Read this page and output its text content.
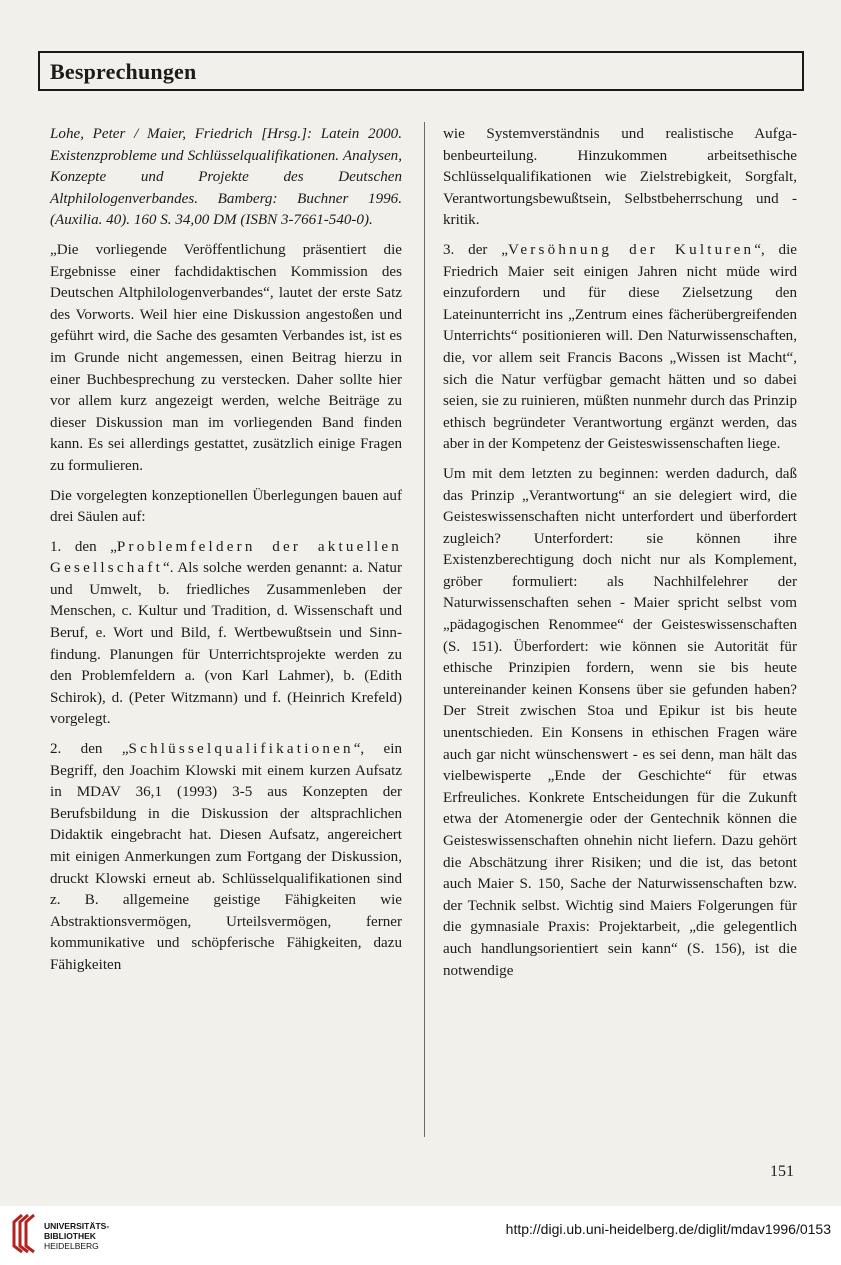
Besprechungen

Lohe, Peter / Maier, Friedrich [Hrsg.]: Latein 2000. Existenzprobleme und Schlüsselqualifikationen. Analysen, Konzepte und Projekte des Deutschen Altphilologenverbandes. Bamberg: Buchner 1996. (Auxilia. 40). 160 S. 34,00 DM (ISBN 3-7661-540-0).

„Die vorliegende Veröffentlichung präsentiert die Ergebnisse einer fachdidaktischen Kommission des Deutschen Altphilologenverbandes“, lautet der erste Satz des Vorworts. Weil hier eine Diskussion angestoßen und geführt wird, die Sache des gesamten Verbandes ist, ist es im Grunde nicht angemessen, einen Beitrag hierzu in einer Buchbesprechung zu verstecken. Daher sollte hier vor allem kurz angezeigt werden, welche Beiträge zu dieser Diskussion man im vorliegenden Band finden kann. Es sei allerdings gestattet, zusätzlich einige Fragen zu formulieren.

Die vorgelegten konzeptionellen Überlegungen bauen auf drei Säulen auf:

1. den „Problemfeldern der aktuellen Gesellschaft“. Als solche werden genannt: a. Natur und Umwelt, b. friedliches Zusammenleben der Menschen, c. Kultur und Tradition, d. Wissenschaft und Beruf, e. Wort und Bild, f. Wertbewußtsein und Sinnfindung. Planungen für Unterrichtsprojekte werden zu den Problemfeldern a. (von Karl Lahmer), b. (Edith Schirok), d. (Peter Witzmann) und f. (Heinrich Krefeld) vorgelegt.

2. den „Schlüsselqualifikationen“, ein Begriff, den Joachim Klowski mit einem kurzen Aufsatz in MDAV 36,1 (1993) 3-5 aus Konzepten der Berufsbildung in die Diskussion der altsprachlichen Didaktik eingebracht hat. Diesen Aufsatz, angereichert mit einigen Anmerkungen zum Fortgang der Diskussion, druckt Klowski erneut ab. Schlüsselqualifikationen sind z. B. allgemeine geistige Fähigkeiten wie Abstraktionsvermögen, Urteilsvermögen, ferner kommunikative und schöpferische Fähigkeiten, dazu Fähigkeiten

wie Systemverständnis und realistische Aufgabenbeurteilung. Hinzukommen arbeitsethische Schlüsselqualifikationen wie Zielstrebigkeit, Sorgfalt, Verantwortungsbewußtsein, Selbstbeherrschung und -kritik.

3. der „Versöhnung der Kulturen“, die Friedrich Maier seit einigen Jahren nicht müde wird einzufordern und für diese Zielsetzung den Lateinunterricht ins „Zentrum eines fächerübergreifenden Unterrichts“ positionieren will. Den Naturwissenschaften, die, vor allem seit Francis Bacons „Wissen ist Macht“, sich die Natur verfügbar gemacht hätten und so dabei seien, sie zu ruinieren, müßten nunmehr durch das Prinzip ethisch begründeter Verantwortung ergänzt werden, das aber in der Kompetenz der Geisteswissenschaften liege.

Um mit dem letzten zu beginnen: werden dadurch, daß das Prinzip „Verantwortung“ an sie delegiert wird, die Geisteswissenschaften nicht unterfordert und überfordert zugleich? Unterfordert: sie können ihre Existenzberechtigung doch nicht nur als Komplement, gröber formuliert: als Nachhilfelehrer der Naturwissenschaften sehen - Maier spricht selbst vom „pädagogischen Renommee“ der Geisteswissenschaften (S. 151). Überfordert: wie können sie Autorität für ethische Prinzipien fordern, wenn sie bis heute untereinander keinen Konsens über sie gefunden haben? Der Streit zwischen Stoa und Epikur ist bis heute unentschieden. Ein Konsens in ethischen Fragen wäre auch gar nicht wünschenswert - es sei denn, man hält das vielbewisperte „Ende der Geschichte“ für etwas Erfreuliches. Konkrete Entscheidungen für die Zukunft etwa der Atomenergie oder der Gentechnik können die Geisteswissenschaften ohnehin nicht liefern. Dazu gehört die Abschätzung ihrer Risiken; und die ist, das betont auch Maier S. 150, Sache der Naturwissenschaften bzw. der Technik selbst. Wichtig sind Maiers Folgerungen für die gymnasiale Praxis: Projektarbeit, „die gelegentlich auch handlungsorientiert sein kann“ (S. 156), ist die notwendige

151
UNIVERSITÄTS-
BIBLIOTHEK
HEIDELBERG
http://digi.ub.uni-heidelberg.de/diglit/mdav1996/0153
